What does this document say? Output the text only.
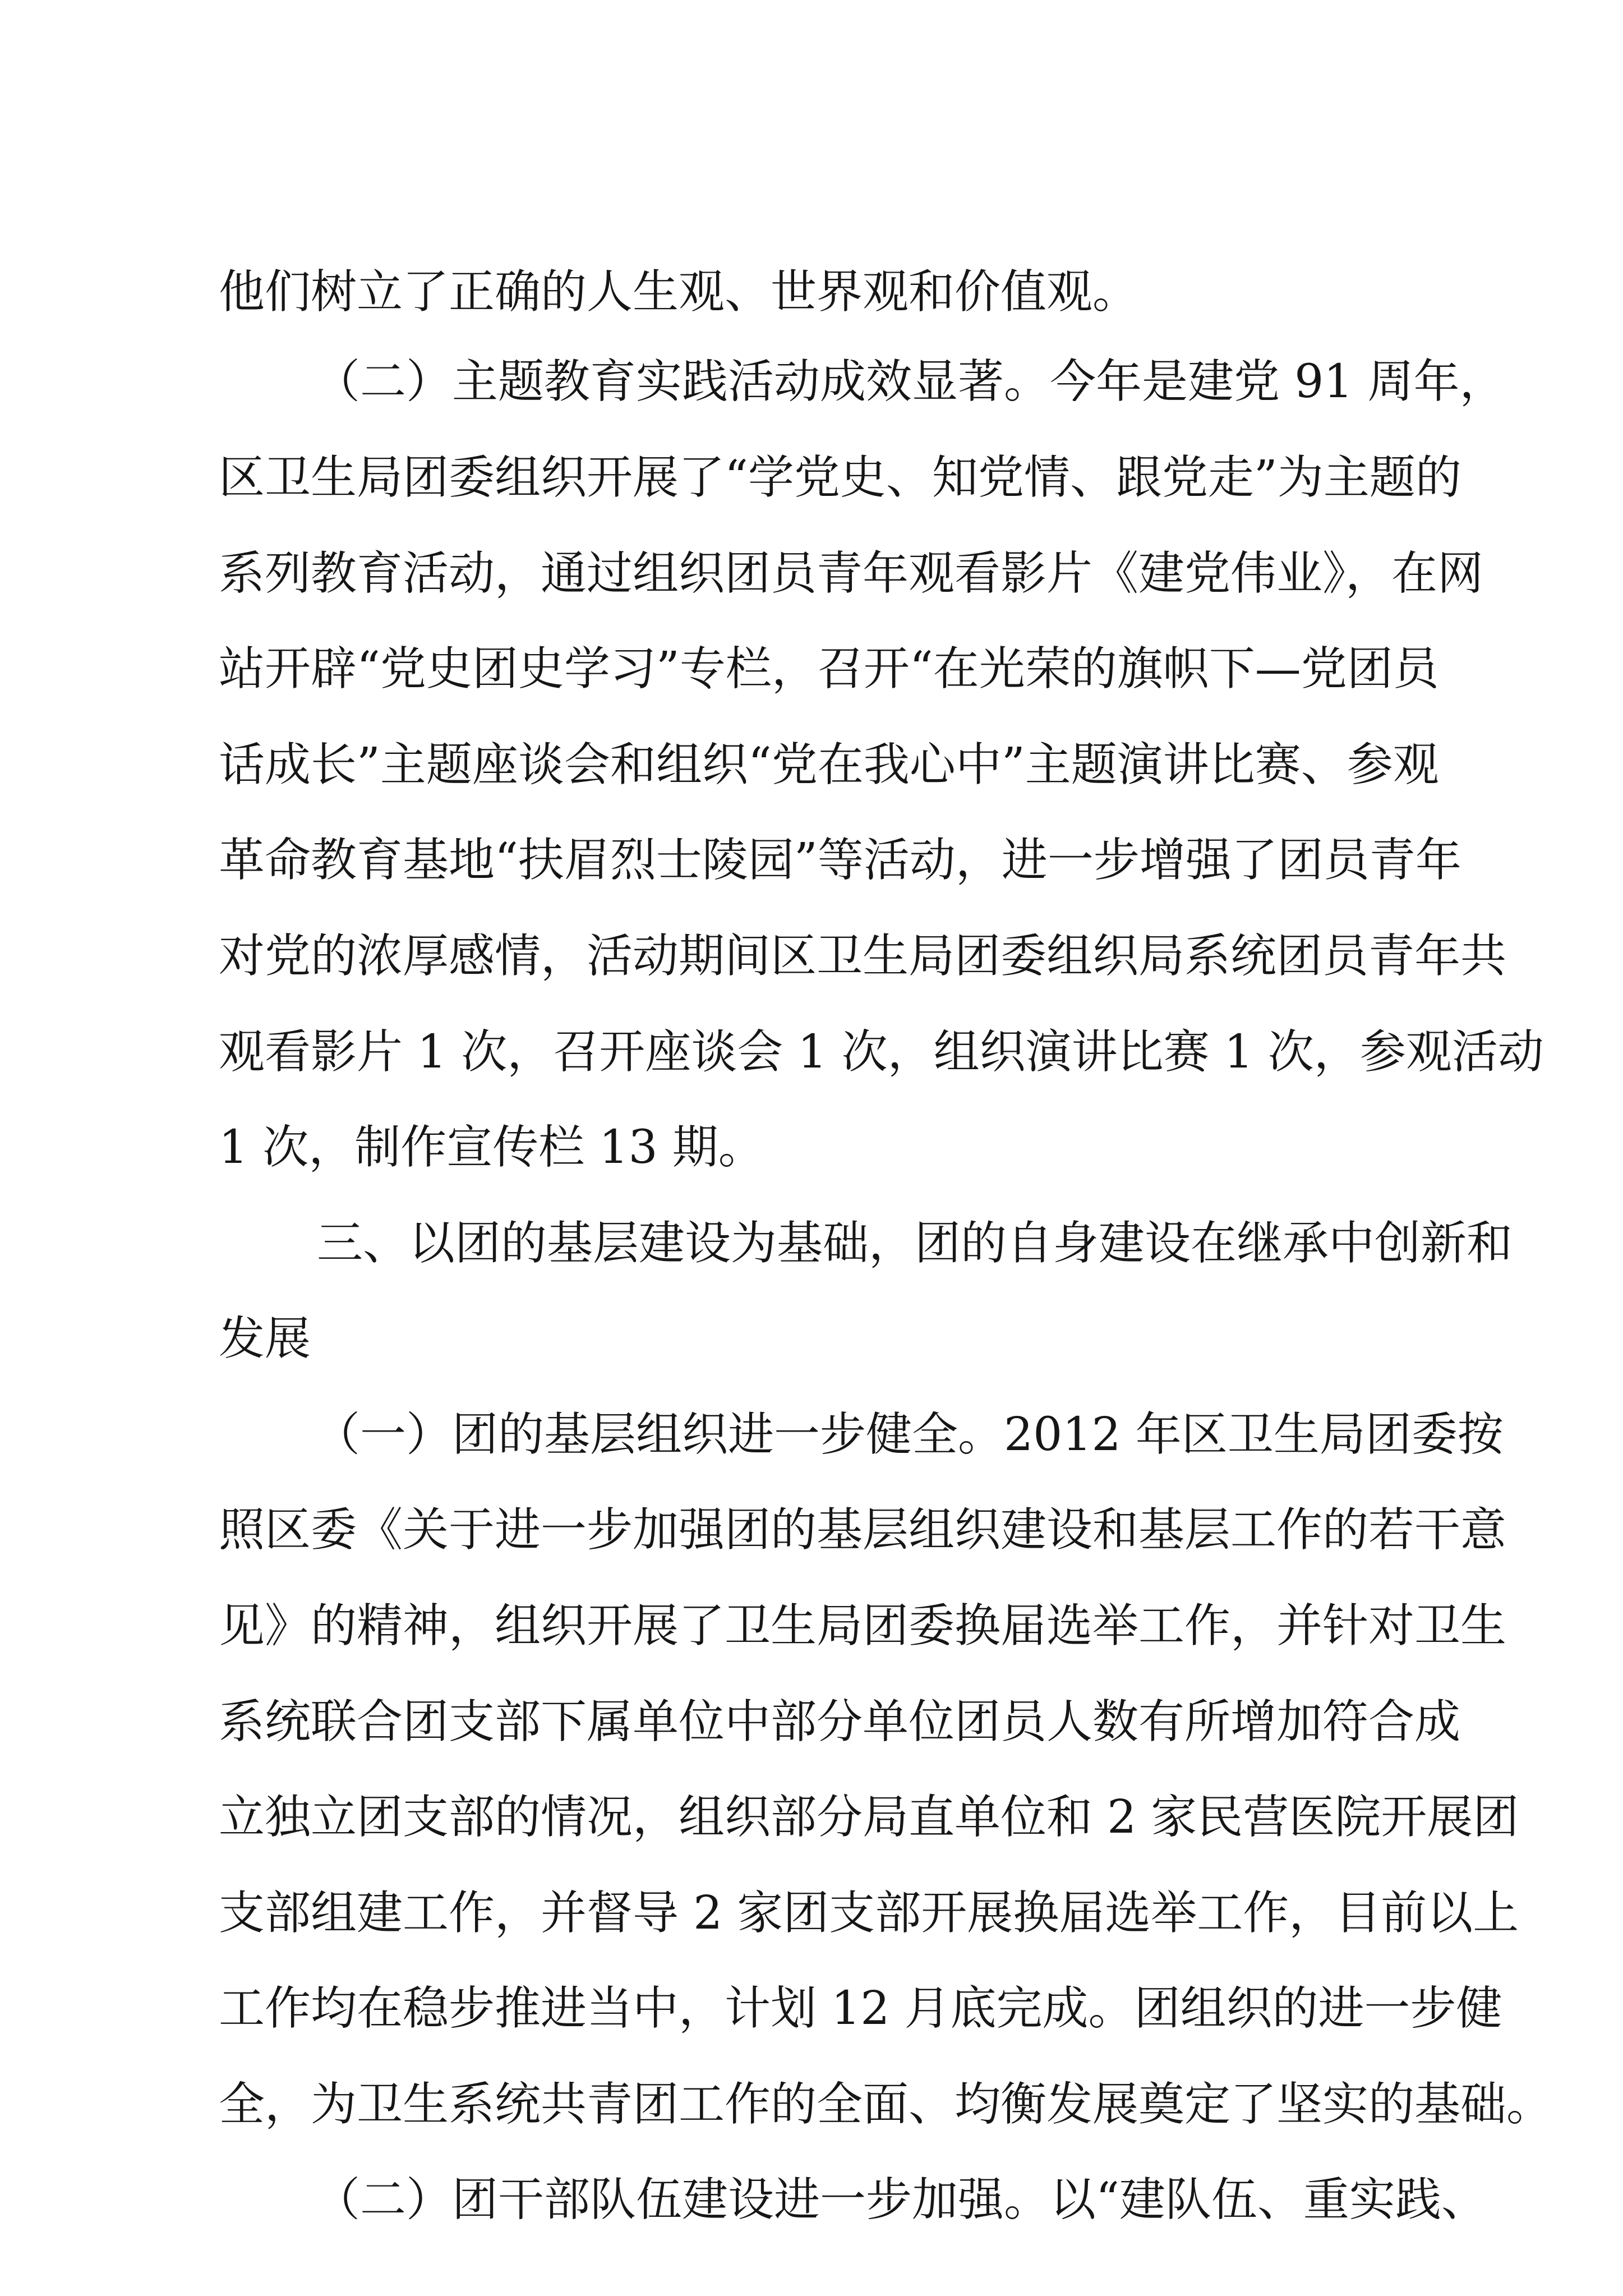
他们树立了正确的人生观、世界观和价值观。
（二）主题教育实践活动成效显著。今年是建党 91 周年，
区卫生局团委组织开展了“学党史、知党情、跟党走”为主题的
系列教育活动，通过组织团员青年观看影片《建党伟业》，在网
站开辟“党史团史学习”专栏，召开“在光荣的旗帜下—党团员
话成长”主题座谈会和组织“党在我心中”主题演讲比赛、参观
革命教育基地“扶眉烈士陵园”等活动，进一步增强了团员青年
对党的浓厚感情，活动期间区卫生局团委组织局系统团员青年共
观看影片 1 次，召开座谈会 1 次，组织演讲比赛 1 次，参观活动
1 次，制作宣传栏 13 期。
三、以团的基层建设为基础，团的自身建设在继承中创新和
发展
（一）团的基层组织进一步健全。2012 年区卫生局团委按
照区委《关于进一步加强团的基层组织建设和基层工作的若干意
见》的精神，组织开展了卫生局团委换届选举工作，并针对卫生
系统联合团支部下属单位中部分单位团员人数有所增加符合成
立独立团支部的情况，组织部分局直单位和 2 家民营医院开展团
支部组建工作，并督导 2 家团支部开展换届选举工作，目前以上
工作均在稳步推进当中，计划 12 月底完成。团组织的进一步健
全，为卫生系统共青团工作的全面、均衡发展奠定了坚实的基础。
（二）团干部队伍建设进一步加强。以“建队伍、重实践、
